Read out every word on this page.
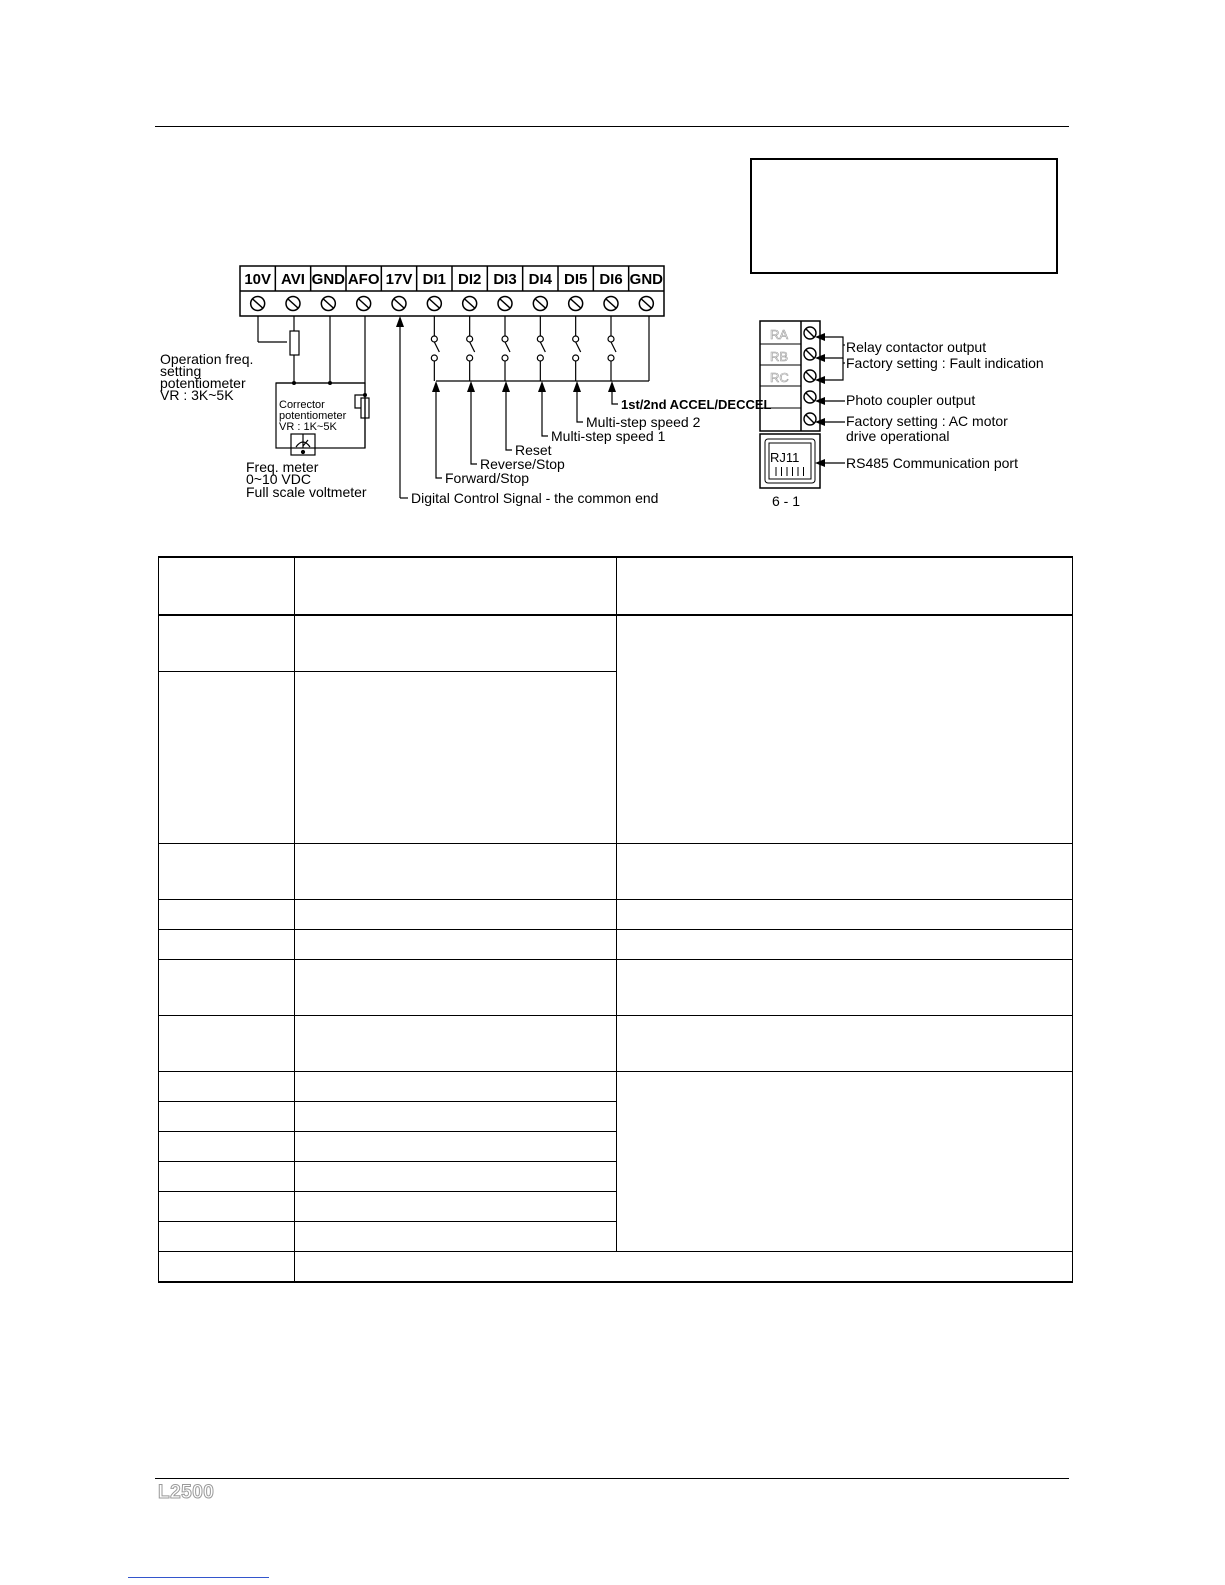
10V AVI GND AFO 17V DI1 DI2 DI3 DI4 DI5 DI6 GND
RA
RB
RC
RJ11
6 - 1
Operation freq.
setting
potentiometer
VR : 3K~5K
Corrector
potentiometer
VR : 1K~5K
Freq. meter
0~10 VDC
Full scale voltmeter
1st/2nd ACCEL/DECCEL
Multi-step speed 2
Multi-step speed 1
Reset
Reverse/Stop
Forward/Stop
Digital Control Signal - the common end
Relay contactor output
Factory setting : Fault indication
Photo coupler output
Factory setting : AC motor
drive operational
RS485 Communication port

L2500
